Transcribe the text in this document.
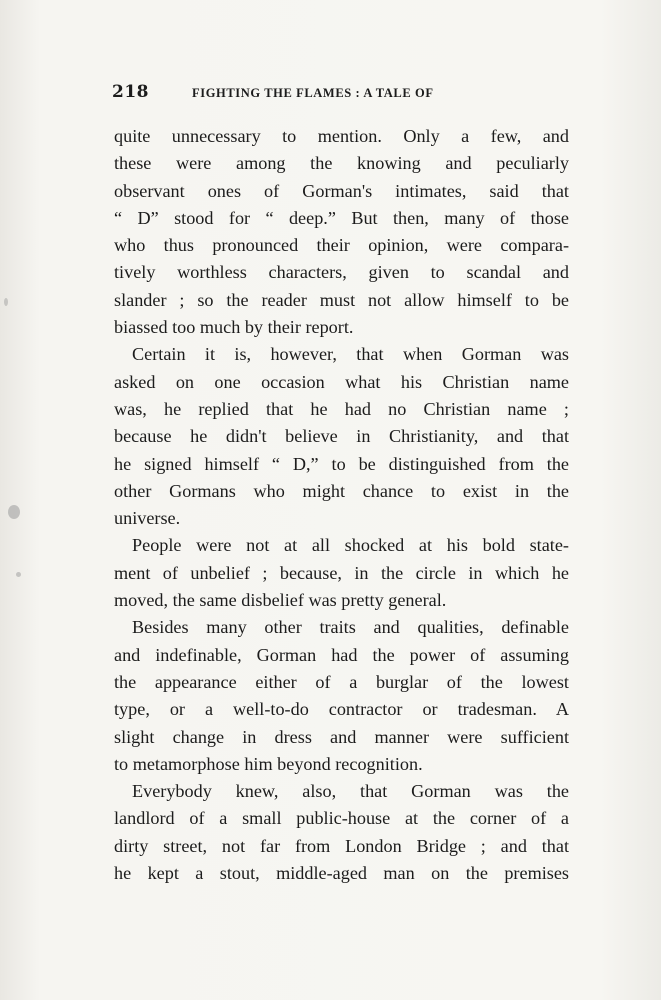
218	FIGHTING THE FLAMES : A TALE OF
quite unnecessary to mention. Only a few, and
these were among the knowing and peculiarly
observant ones of Gorman's intimates, said that
“ D” stood for “ deep.” But then, many of those
who thus pronounced their opinion, were compara-
tively worthless characters, given to scandal and
slander ; so the reader must not allow himself to be
biassed too much by their report.
Certain it is, however, that when Gorman was
asked on one occasion what his Christian name
was, he replied that he had no Christian name ;
because he didn't believe in Christianity, and that
he signed himself “ D,” to be distinguished from the
other Gormans who might chance to exist in the
universe.
People were not at all shocked at his bold state-
ment of unbelief ; because, in the circle in which he
moved, the same disbelief was pretty general.
Besides many other traits and qualities, definable
and indefinable, Gorman had the power of assuming
the appearance either of a burglar of the lowest
type, or a well-to-do contractor or tradesman. A
slight change in dress and manner were sufficient
to metamorphose him beyond recognition.
Everybody knew, also, that Gorman was the
landlord of a small public-house at the corner of a
dirty street, not far from London Bridge ; and that
he kept a stout, middle-aged man on the premises
